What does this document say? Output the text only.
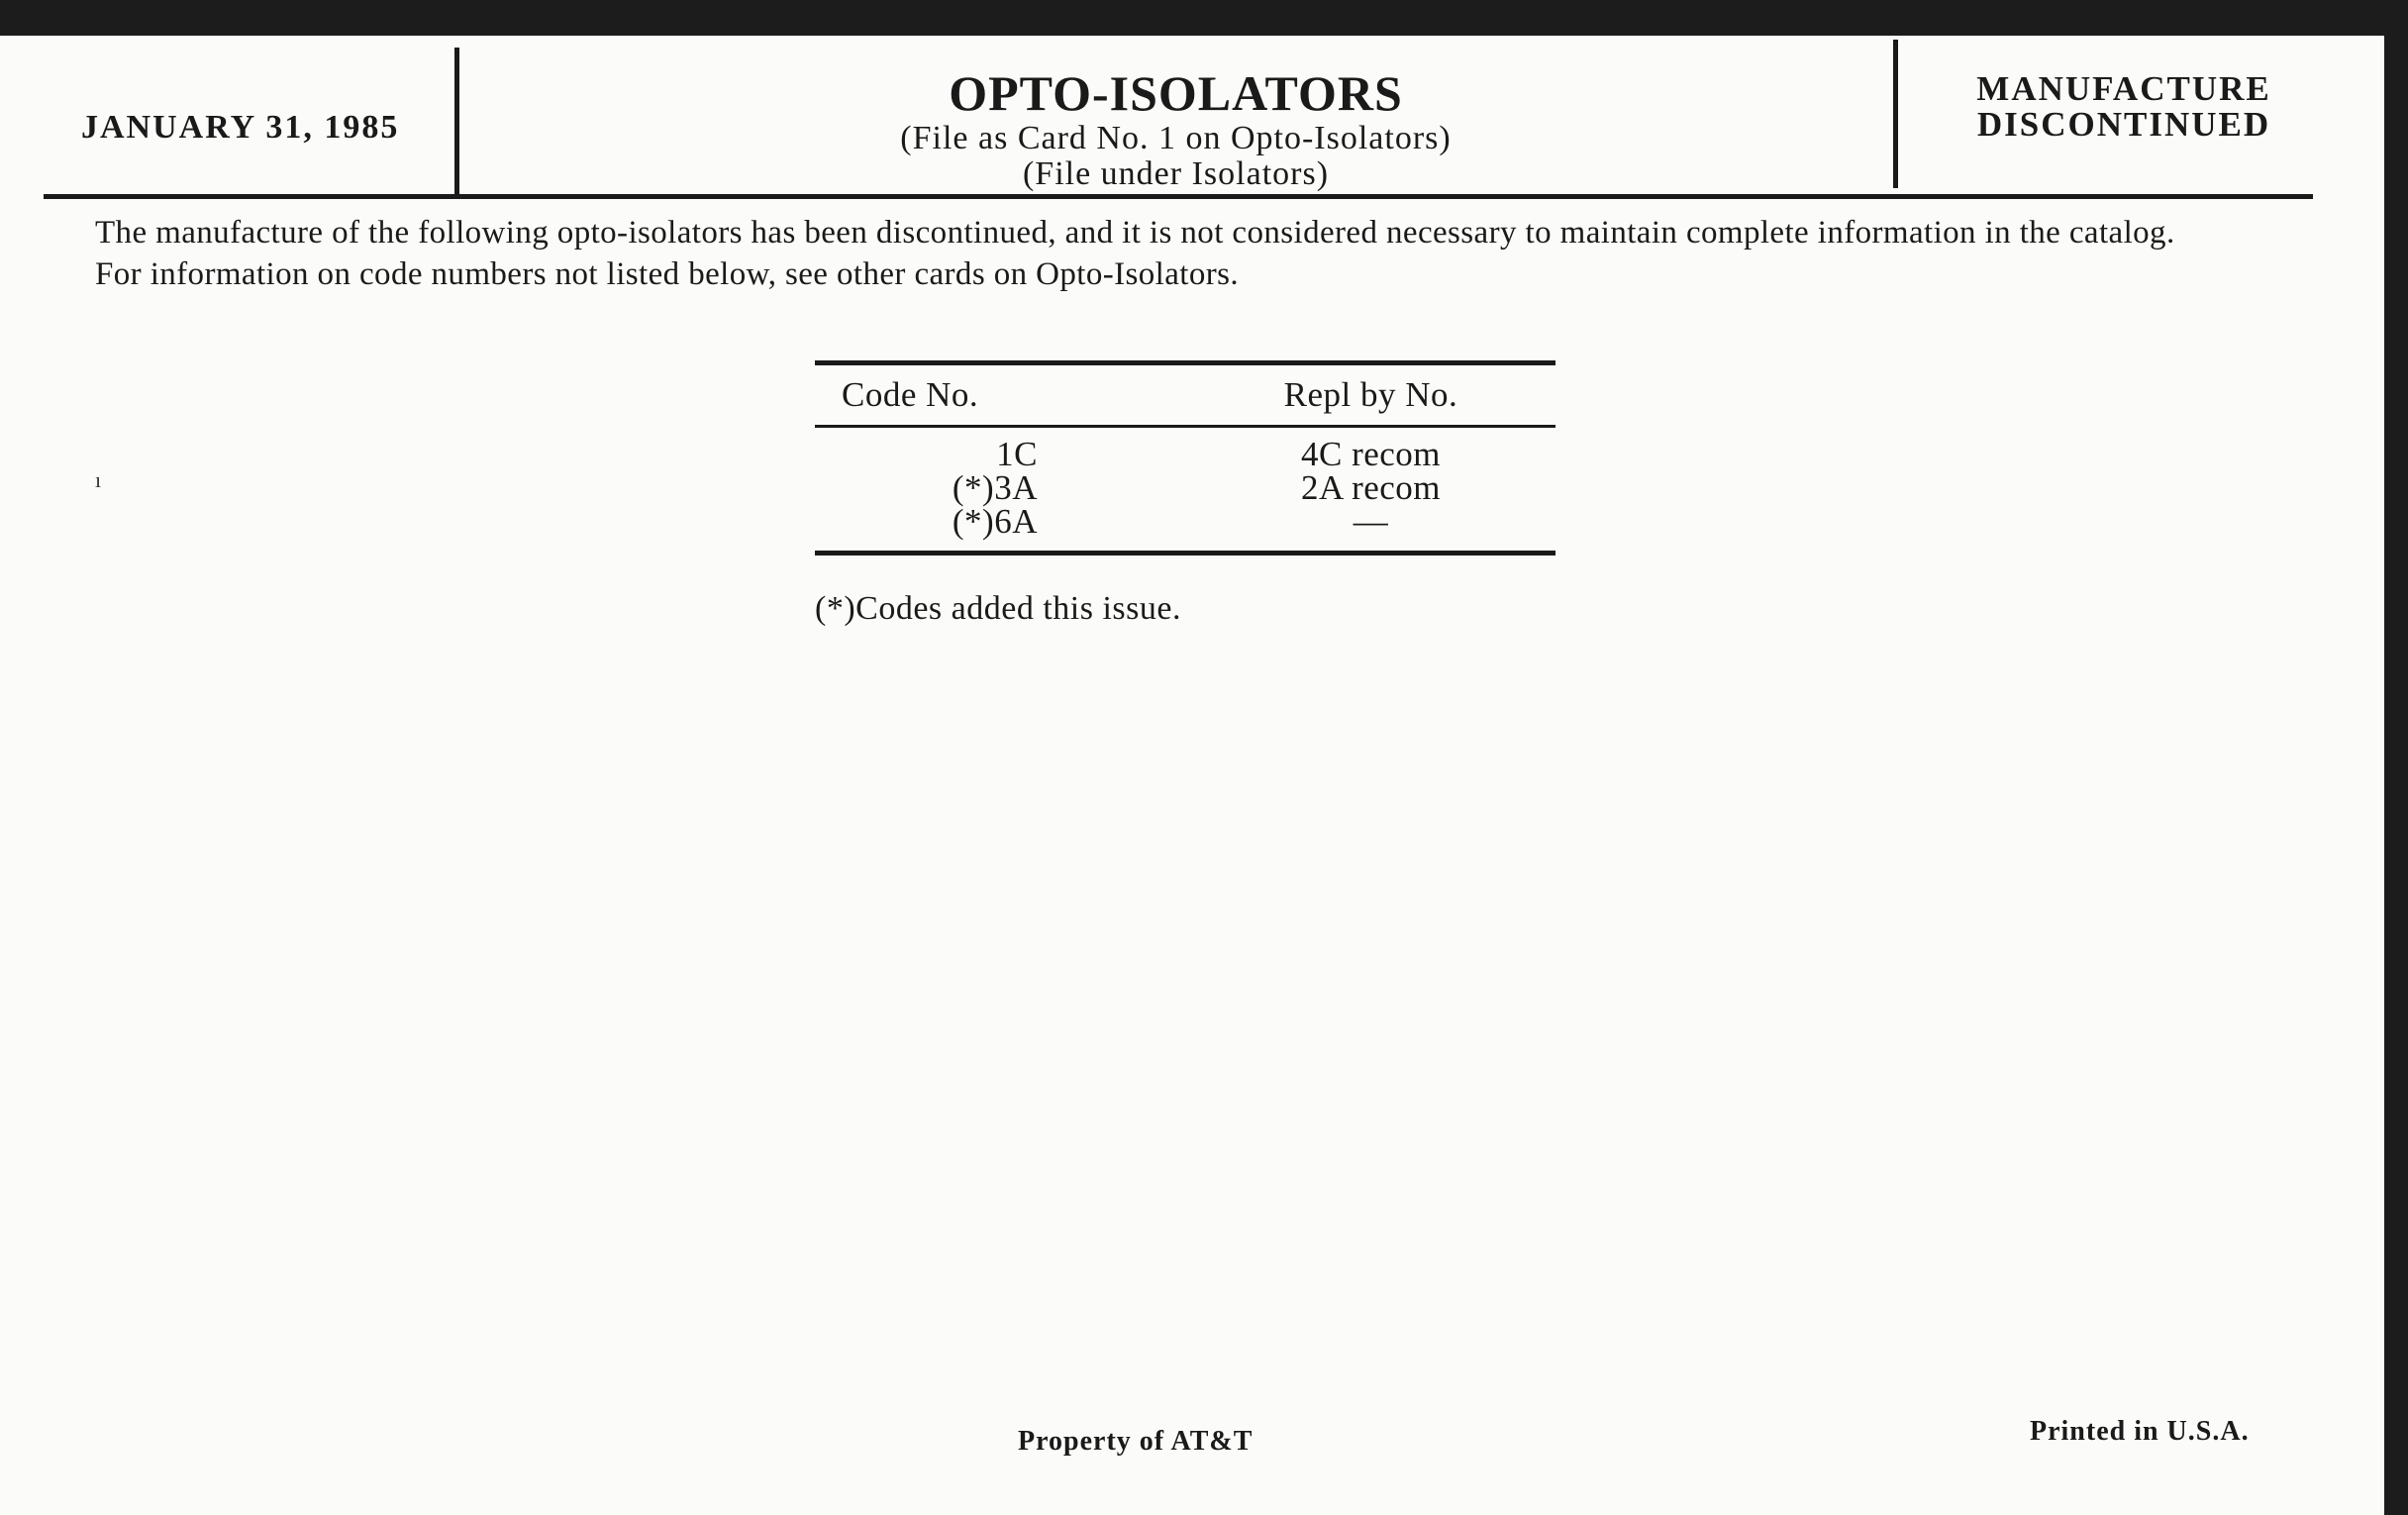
JANUARY 31, 1985
OPTO-ISOLATORS
(File as Card No. 1 on Opto-Isolators)
(File under Isolators)
MANUFACTURE
DISCONTINUED

The manufacture of the following opto-isolators has been discontinued, and it is not considered necessary to maintain complete information in the catalog.

For information on code numbers not listed below, see other cards on Opto-Isolators.

ı
Code No.	Repl by No.
1C	4C recom
(*)3A	2A recom
(*)6A	—
(*)Codes added this issue.
Property of AT&T	Printed in U.S.A.
